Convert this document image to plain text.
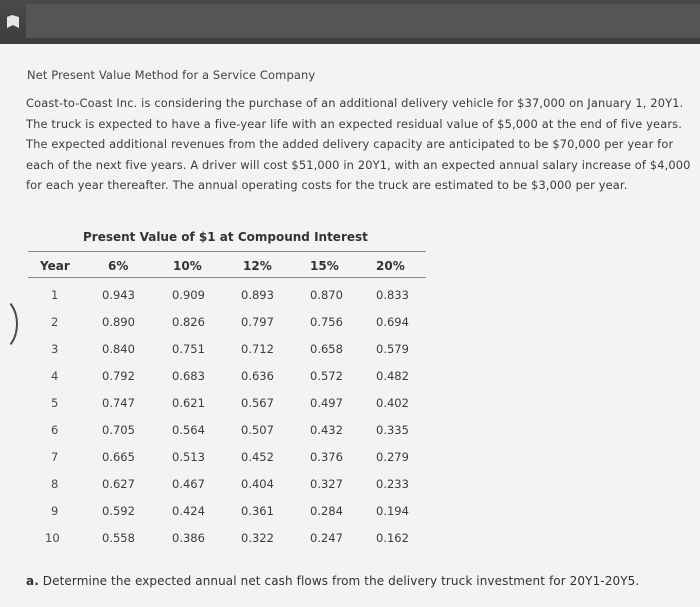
Net Present Value Method for a Service Company
Coast-to-Coast Inc. is considering the purchase of an additional delivery vehicle for $37,000 on January 1, 20Y1. The truck is expected to have a five-year life with an expected residual value of $5,000 at the end of five years. The expected additional revenues from the added delivery capacity are anticipated to be $70,000 per year for each of the next five years. A driver will cost $51,000 in 20Y1, with an expected annual salary increase of $4,000 for each year thereafter. The annual operating costs for the truck are estimated to be $3,000 per year.
Present Value of $1 at Compound Interest
Year	6%	10%	12%	15%	20%
1	0.943	0.909	0.893	0.870	0.833
2	0.890	0.826	0.797	0.756	0.694
3	0.840	0.751	0.712	0.658	0.579
4	0.792	0.683	0.636	0.572	0.482
5	0.747	0.621	0.567	0.497	0.402
6	0.705	0.564	0.507	0.432	0.335
7	0.665	0.513	0.452	0.376	0.279
8	0.627	0.467	0.404	0.327	0.233
9	0.592	0.424	0.361	0.284	0.194
10	0.558	0.386	0.322	0.247	0.162
a. Determine the expected annual net cash flows from the delivery truck investment for 20Y1-20Y5.
